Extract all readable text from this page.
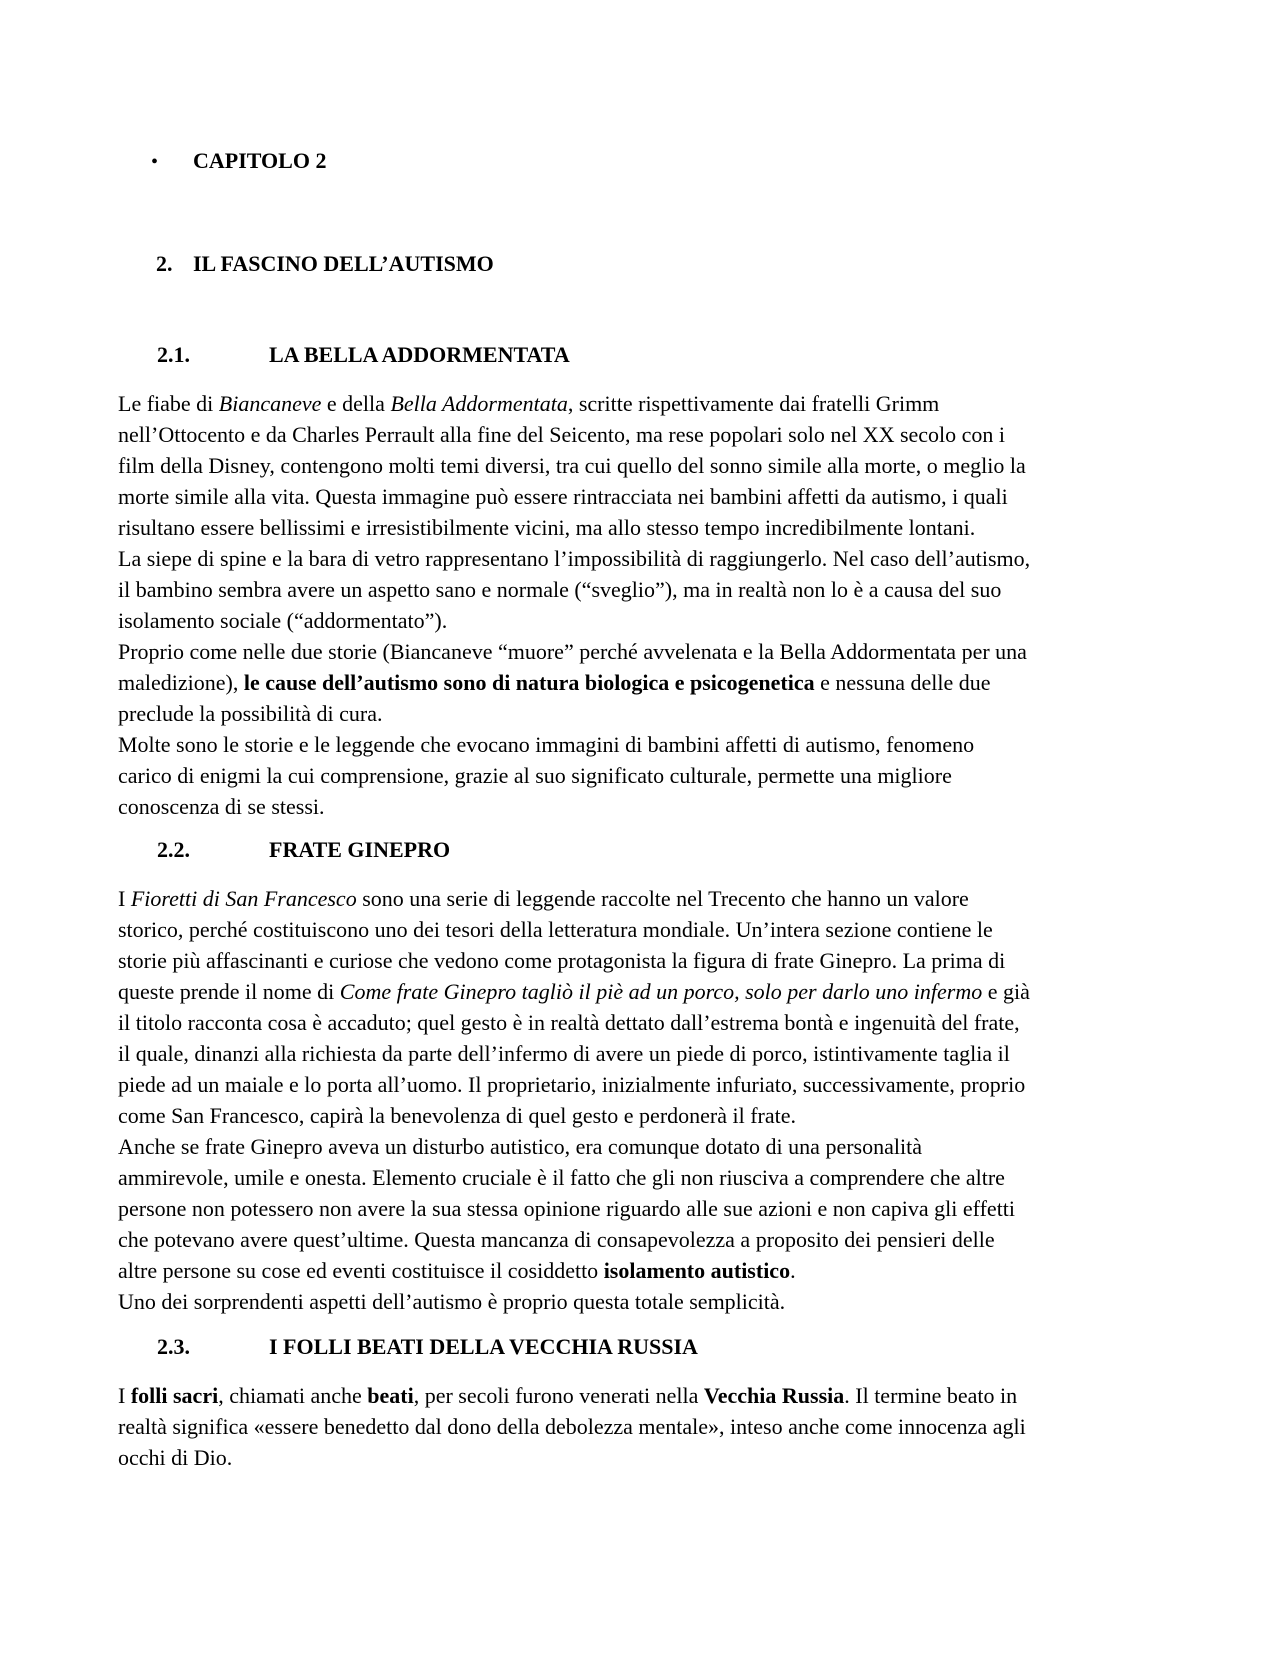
• CAPITOLO 2
2. IL FASCINO DELL’AUTISMO
2.1.	LA BELLA ADDORMENTATA
Le fiabe di Biancaneve e della Bella Addormentata, scritte rispettivamente dai fratelli Grimm
nell’Ottocento e da Charles Perrault alla fine del Seicento, ma rese popolari solo nel XX secolo con i
film della Disney, contengono molti temi diversi, tra cui quello del sonno simile alla morte, o meglio la
morte simile alla vita. Questa immagine può essere rintracciata nei bambini affetti da autismo, i quali
risultano essere bellissimi e irresistibilmente vicini, ma allo stesso tempo incredibilmente lontani.
La siepe di spine e la bara di vetro rappresentano l’impossibilità di raggiungerlo. Nel caso dell’autismo,
il bambino sembra avere un aspetto sano e normale (“sveglio”), ma in realtà non lo è a causa del suo
isolamento sociale (“addormentato”).
Proprio come nelle due storie (Biancaneve “muore” perché avvelenata e la Bella Addormentata per una
maledizione), le cause dell’autismo sono di natura biologica e psicogenetica e nessuna delle due
preclude la possibilità di cura.
Molte sono le storie e le leggende che evocano immagini di bambini affetti di autismo, fenomeno
carico di enigmi la cui comprensione, grazie al suo significato culturale, permette una migliore
conoscenza di se stessi.
2.2.	FRATE GINEPRO
I Fioretti di San Francesco sono una serie di leggende raccolte nel Trecento che hanno un valore
storico, perché costituiscono uno dei tesori della letteratura mondiale. Un’intera sezione contiene le
storie più affascinanti e curiose che vedono come protagonista la figura di frate Ginepro. La prima di
queste prende il nome di Come frate Ginepro tagliò il piè ad un porco, solo per darlo uno infermo e già
il titolo racconta cosa è accaduto; quel gesto è in realtà dettato dall’estrema bontà e ingenuità del frate,
il quale, dinanzi alla richiesta da parte dell’infermo di avere un piede di porco, istintivamente taglia il
piede ad un maiale e lo porta all’uomo. Il proprietario, inizialmente infuriato, successivamente, proprio
come San Francesco, capirà la benevolenza di quel gesto e perdonerà il frate.
Anche se frate Ginepro aveva un disturbo autistico, era comunque dotato di una personalità
ammirevole, umile e onesta. Elemento cruciale è il fatto che gli non riusciva a comprendere che altre
persone non potessero non avere la sua stessa opinione riguardo alle sue azioni e non capiva gli effetti
che potevano avere quest’ultime. Questa mancanza di consapevolezza a proposito dei pensieri delle
altre persone su cose ed eventi costituisce il cosiddetto isolamento autistico.
Uno dei sorprendenti aspetti dell’autismo è proprio questa totale semplicità.
2.3.	I FOLLI BEATI DELLA VECCHIA RUSSIA
I folli sacri, chiamati anche beati, per secoli furono venerati nella Vecchia Russia. Il termine beato in
realtà significa «essere benedetto dal dono della debolezza mentale», inteso anche come innocenza agli
occhi di Dio.
